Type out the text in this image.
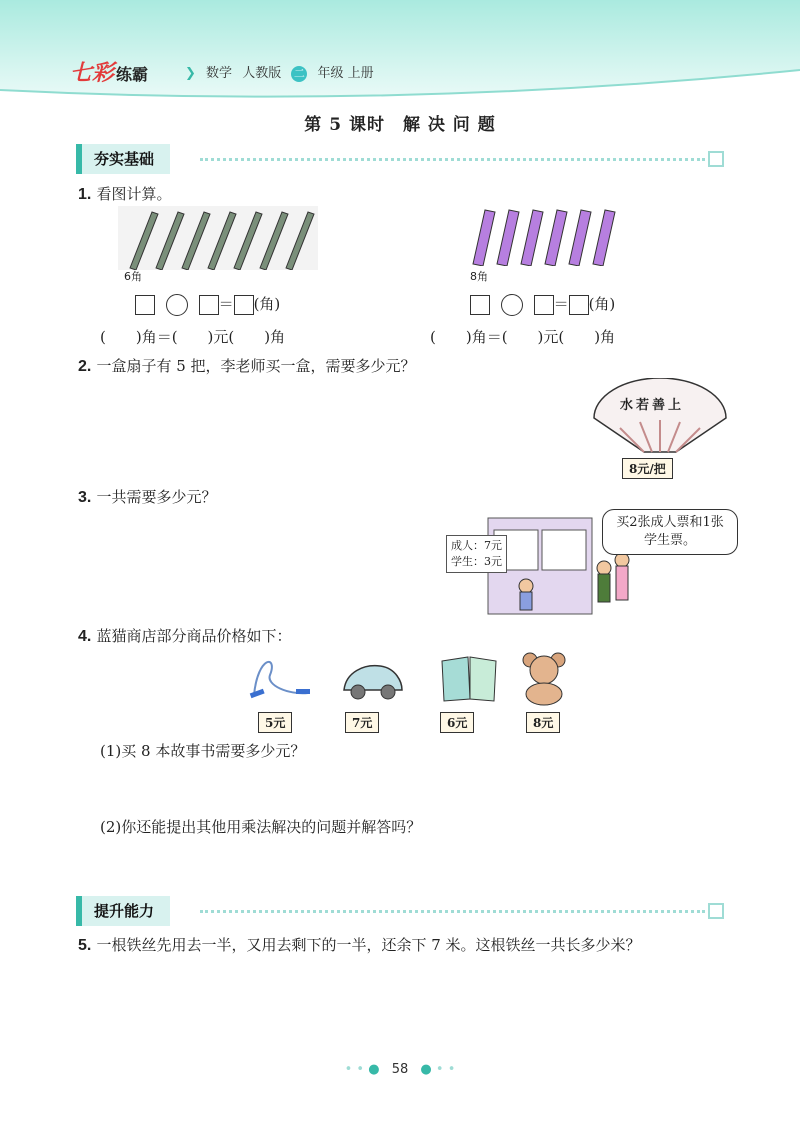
七彩 练霸	❯ 数学 人教版 二 年级 上册
第 5 课时　解 决 问 题
夯实基础
1. 看图计算。
6角	8角
＝ (角)	＝ (角)
(　　)角＝(　　)元(　　)角	(　　)角＝(　　)元(　　)角
2. 一盒扇子有 5 把，李老师买一盒，需要多少元？
水若善上
8元/把
3. 一共需要多少元？
成人：7元
学生：3元
买2张成人票和1张学生票。
4. 蓝猫商店部分商品价格如下：
5元	7元	6元	8元
(1)买 8 本故事书需要多少元？
(2)你还能提出其他用乘法解决的问题并解答吗？
提升能力
5. 一根铁丝先用去一半，又用去剩下的一半，还余下 7 米。这根铁丝一共长多少米？
• • ● 58 ● • •
